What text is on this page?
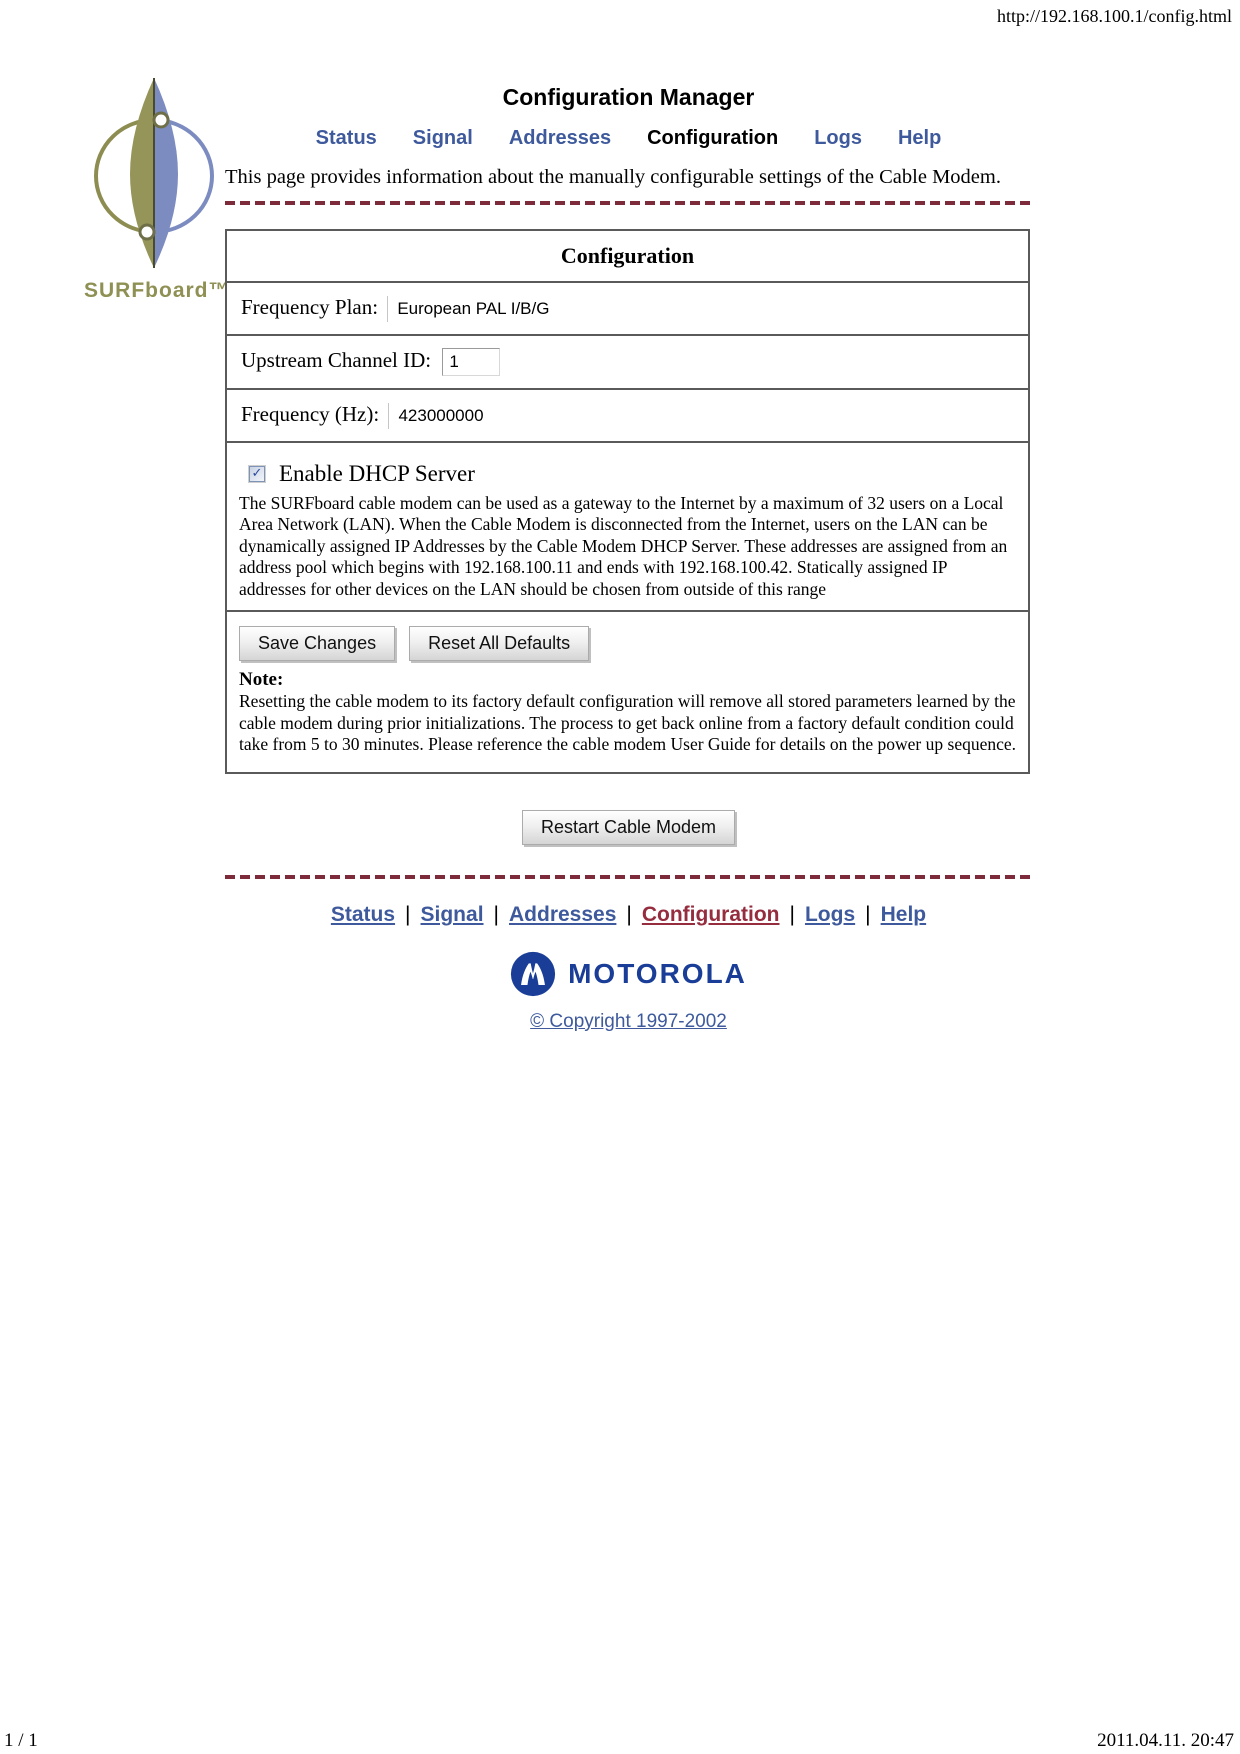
http://192.168.100.1/config.html
SURFboard™
Configuration Manager
Status Signal Addresses Configuration Logs Help

This page provides information about the manually configurable settings of the Cable Modem.

Configuration
Frequency Plan: European PAL I/B/G
Upstream Channel ID: 1
Frequency (Hz): 423000000

✓ Enable DHCP Server

The SURFboard cable modem can be used as a gateway to the Internet by a maximum of 32 users on a Local Area Network (LAN). When the Cable Modem is disconnected from the Internet, users on the LAN can be dynamically assigned IP Addresses by the Cable Modem DHCP Server. These addresses are assigned from an address pool which begins with 192.168.100.11 and ends with 192.168.100.42. Statically assigned IP addresses for other devices on the LAN should be chosen from outside of this range

Save Changes	Reset All Defaults

Note:

Resetting the cable modem to its factory default configuration will remove all stored parameters learned by the cable modem during prior initializations. The process to get back online from a factory default condition could take from 5 to 30 minutes. Please reference the cable modem User Guide for details on the power up sequence.

Restart Cable Modem
Status | Signal | Addresses | Configuration | Logs | Help
MOTOROLA
© Copyright 1997-2002
1 / 1	2011.04.11. 20:47
